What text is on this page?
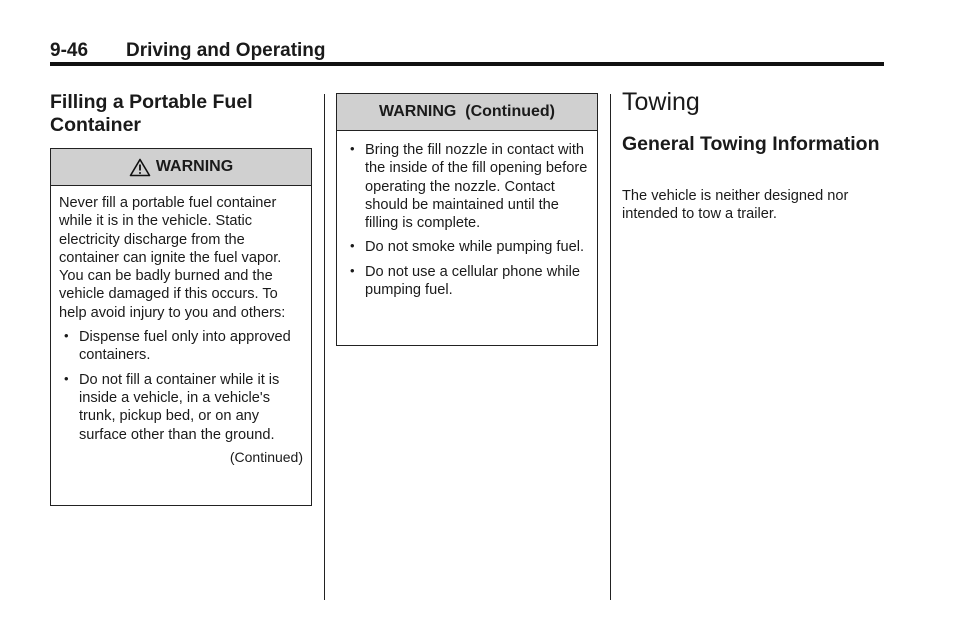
9-46 Driving and Operating
Filling a Portable Fuel Container
WARNING
Never fill a portable fuel container while it is in the vehicle. Static electricity discharge from the container can ignite the fuel vapor. You can be badly burned and the vehicle damaged if this occurs. To help avoid injury to you and others:
• Dispense fuel only into approved containers.
• Do not fill a container while it is inside a vehicle, in a vehicle's trunk, pickup bed, or on any surface other than the ground.
(Continued)
WARNING  (Continued)
• Bring the fill nozzle in contact with the inside of the fill opening before operating the nozzle. Contact should be maintained until the filling is complete.
• Do not smoke while pumping fuel.
• Do not use a cellular phone while pumping fuel.
Towing
General Towing Information
The vehicle is neither designed nor intended to tow a trailer.
